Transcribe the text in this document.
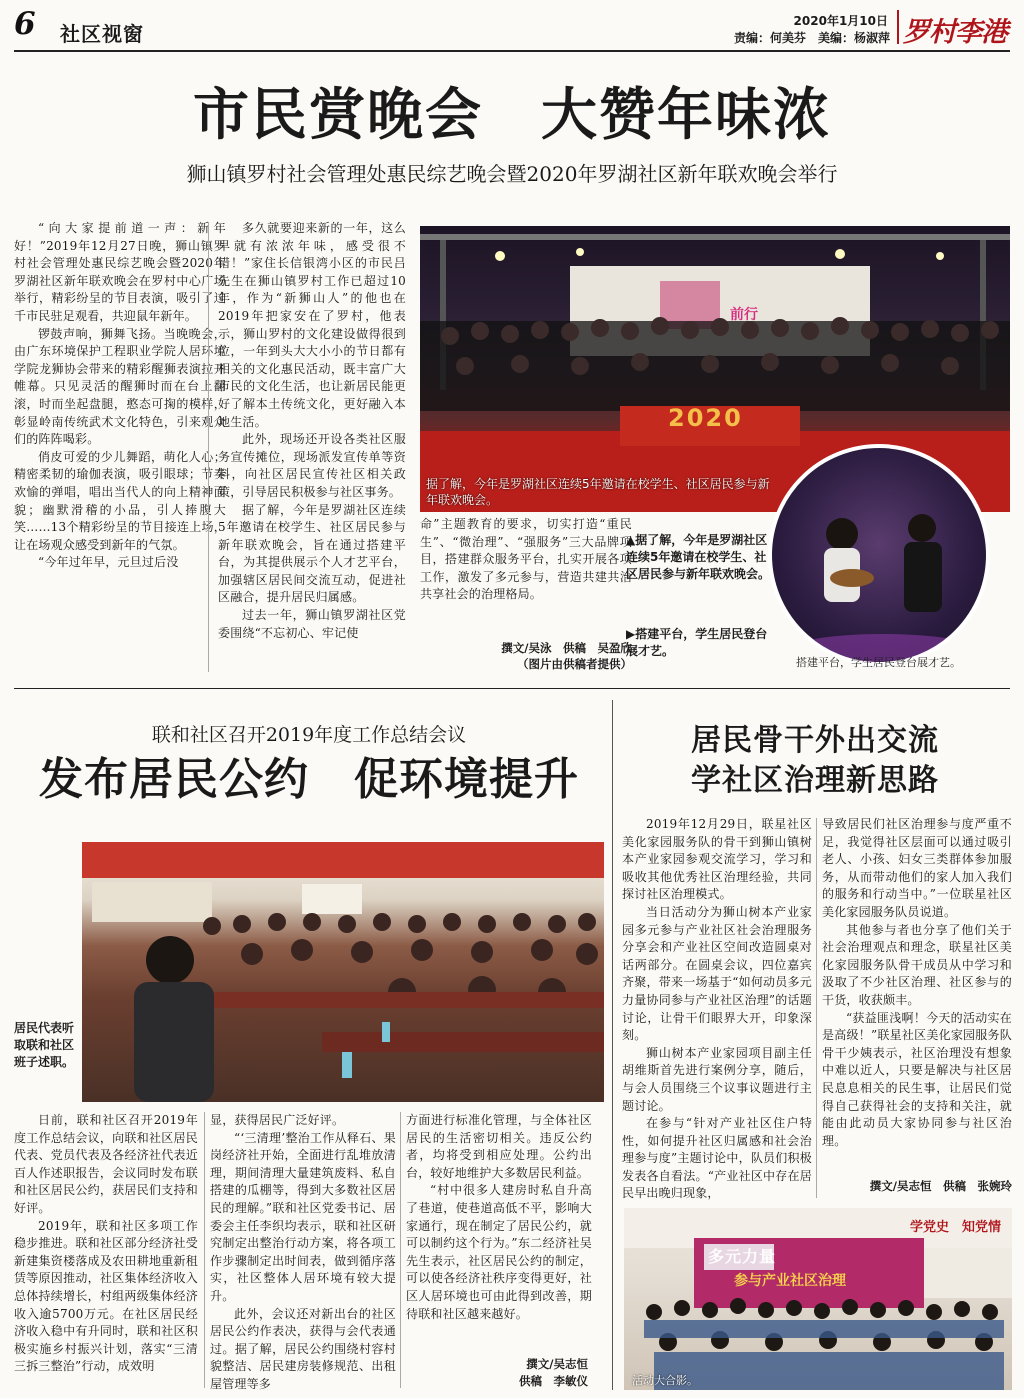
6 社区视窗
2020年1月10日
责编：何美芬　美编：杨淑萍 罗村李港
市民赏晚会　大赞年味浓
狮山镇罗村社会管理处惠民综艺晚会暨2020年罗湖社区新年联欢晚会举行

“向大家提前道一声：新年好！”2019年12月27日晚，狮山镇罗村社会管理处惠民综艺晚会暨2020年罗湖社区新年联欢晚会在罗村中心广场举行，精彩纷呈的节目表演，吸引了过千市民驻足观看，共迎鼠年新年。

锣鼓声响，狮舞飞扬。当晚晚会，由广东环境保护工程职业学院人居环境学院龙狮协会带来的精彩醒狮表演拉开帷幕。只见灵活的醒狮时而在台上翻滚，时而坐起盘腿，憨态可掬的模样，彰显岭南传统武术文化特色，引来观众们的阵阵喝彩。

俏皮可爱的少儿舞蹈，萌化人心；精密柔韧的瑜伽表演，吸引眼球；节奏欢愉的弹唱，唱出当代人的向上精神面貌；幽默滑稽的小品，引人捧腹大笑……13个精彩纷呈的节目接连上场，让在场观众感受到新年的气氛。

“今年过年早，元旦过后没

多久就要迎来新的一年，这么早就有浓浓年味，感受很不错！”家住长信银湾小区的市民吕先生在狮山镇罗村工作已超过10年，作为“新狮山人”的他也在2019年把家安在了罗村，他表示，狮山罗村的文化建设做得很到位，一年到头大大小小的节日都有相关的文化惠民活动，既丰富广大市民的文化生活，也让新居民能更好了解本土传统文化，更好融入本地生活。

此外，现场还开设各类社区服务宣传摊位，现场派发宣传单等资料，向社区居民宣传社区相关政策，引导居民积极参与社区事务。

据了解，今年是罗湖社区连续5年邀请在校学生、社区居民参与新年联欢晚会，旨在通过搭建平台，为其提供展示个人才艺平台，加强辖区居民间交流互动，促进社区融合，提升居民归属感。

过去一年，狮山镇罗湖社区党委围绕“不忘初心、牢记使

前行
2020
据了解，今年是罗湖社区连续5年邀请在校学生、社区居民参与新年联欢晚会。

命”主题教育的要求，切实打造“重民生”、“微治理”、“强服务”三大品牌项目，搭建群众服务平台，扎实开展各项工作，激发了多元参与，营造共建共治共享社会的治理格局。

撰文/吴泳　供稿　吴盈欣
（图片由供稿者提供）
▲据了解，今年是罗湖社区连续5年邀请在校学生、社区居民参与新年联欢晚会。
▶搭建平台，学生居民登台展才艺。
搭建平台，学生居民登台展才艺。
联和社区召开2019年度工作总结会议
发布居民公约　促环境提升
居民代表听取联和社区班子述职。

日前，联和社区召开2019年度工作总结会议，向联和社区居民代表、党员代表及各经济社代表近百人作述职报告，会议同时发布联和社区居民公约，获居民们支持和好评。

2019年，联和社区多项工作稳步推进。联和社区部分经济社受新建集资楼落成及农田耕地重新租赁等原因推动，社区集体经济收入总体持续增长，村组两级集体经济收入逾5700万元。在社区居民经济收入稳中有升同时，联和社区积极实施乡村振兴计划，落实“三清三拆三整治”行动，成效明

显，获得居民广泛好评。

“‘三清理’整治工作从释石、果岗经济社开始，全面进行乱堆放清理，期间清理大量建筑废料、私自搭建的瓜棚等，得到大多数社区居民的理解。”联和社区党委书记、居委会主任李织均表示，联和社区研究制定出整治行动方案，将各项工作步骤制定出时间表，做到循序落实，社区整体人居环境有较大提升。

此外，会议还对新出台的社区居民公约作表决，获得与会代表通过。据了解，居民公约围绕村容村貌整洁、居民建房装修规范、出租屋管理等多

方面进行标准化管理，与全体社区居民的生活密切相关。违反公约者，均将受到相应处理。公约出台，较好地维护大多数居民利益。

“村中很多人建房时私自升高了巷道，使巷道高低不平，影响大家通行，现在制定了居民公约，就可以制约这个行为。”东二经济社吴先生表示，社区居民公约的制定，可以使各经济社秩序变得更好，社区人居环境也可由此得到改善，期待联和社区越来越好。

撰文/吴志恒
供稿　李敏仪
居民骨干外出交流
学社区治理新思路

2019年12月29日，联星社区美化家园服务队的骨干到狮山镇树本产业家园参观交流学习，学习和吸收其他优秀社区治理经验，共同探讨社区治理模式。

当日活动分为狮山树本产业家园多元参与产业社区社会治理服务分享会和产业社区空间改造圆桌对话两部分。在圆桌会议，四位嘉宾齐聚，带来一场基于“如何动员多元力量协同参与产业社区治理”的话题讨论，让骨干们眼界大开，印象深刻。

狮山树本产业家园项目副主任胡维斯首先进行案例分享，随后，与会人员围绕三个议事议题进行主题讨论。

在参与“针对产业社区住户特性，如何提升社区归属感和社会治理参与度”主题讨论中，队员们积极发表各自看法。“产业社区中存在居民早出晚归现象，

导致居民们社区治理参与度严重不足，我觉得社区层面可以通过吸引老人、小孩、妇女三类群体参加服务，从而带动他们的家人加入我们的服务和行动当中。”一位联星社区美化家园服务队员说道。

其他参与者也分享了他们关于社会治理观点和理念，联星社区美化家园服务队骨干成员从中学习和汲取了不少社区治理、社区参与的干货，收获颇丰。

“获益匪浅啊！今天的活动实在是高级！”联星社区美化家园服务队骨干少姨表示，社区治理没有想象中难以近人，只要是解决与社区居民息息相关的民生事，让居民们觉得自己获得社会的支持和关注，就能由此动员大家协同参与社区治理。

撰文/吴志恒　供稿　张婉玲
多元力量
参与产业社区治理
学党史　知党情
活动大合影。
